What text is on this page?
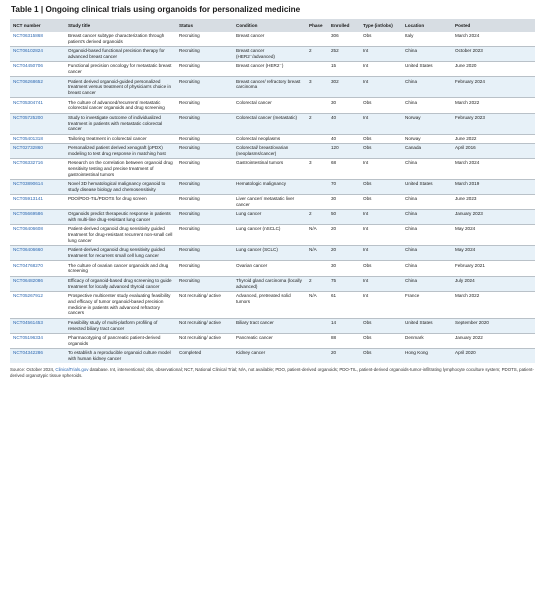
Table 1 | Ongoing clinical trials using organoids for personalized medicine
NCT number	Study title	Status	Condition	Phase	Enrolled	Type (int/obs)	Location	Posted
NCT06315868	Breast cancer subtype characterization through patient's derived organoids	Recruiting	Breast cancer		306	Obs	Italy	March 2024
NCT06102824	Organoid-based functional precision therapy for advanced breast cancer	Recruiting	Breast cancer (HER2⁻/advanced)	2	252	Int	China	October 2023
NCT04450706	Functional precision oncology for metastatic breast cancer	Recruiting	Breast cancer (HER2⁻)		15	Int	United States	June 2020
NCT06268652	Patient derived organoid-guided personalized treatment versus treatment of physician's choice in breast cancer	Recruiting	Breast cancer/ refractory breast carcinoma	3	302	Int	China	February 2024
NCT05304741	The culture of advanced/recurrent/ metastatic colorectal cancer organoids and drug screening	Recruiting	Colorectal cancer		30	Obs	China	March 2022
NCT05725200	Study to investigate outcome of individualized treatment in patients with metastatic colorectal cancer	Recruiting	Colorectal cancer (metastatic)	2	40	Int	Norway	February 2023
NCT05401318	Tailoring treatment in colorectal cancer	Recruiting	Colorectal neoplasms		40	Obs	Norway	June 2022
NCT02732860	Personalized patient derived xenograft (pPDX) modeling to test drug response in matching host	Recruiting	Colorectal/ breast/ovarian (neoplasms/cancer)		120	Obs	Canada	April 2016
NCT06332716	Research on the correlation between organoid drug sensitivity testing and precise treatment of gastrointestinal tumors	Recruiting	Gastrointestinal tumors	3	68	Int	China	March 2024
NCT03890614	Novel 3D hematological malignancy organoid to study disease biology and chemosensitivity	Recruiting	Hematologic malignancy		70	Obs	United States	March 2019
NCT05913141	PDO/PDO-TIL/PDOTS for drug screen	Recruiting	Liver cancer/ metastatic liver cancer		30	Obs	China	June 2023
NCT05669586	Organoids predict therapeutic response in patients with multi-line drug-resistant lung cancer	Recruiting	Lung cancer	2	50	Int	China	January 2023
NCT06406608	Patient-derived organoid drug sensitivity guided treatment for drug-resistant recurrent non-small cell lung cancer	Recruiting	Lung cancer (nSCLC)	N/A	20	Int	China	May 2024
NCT06406660	Patient-derived organoid drug sensitivity guided treatment for recurrent small cell lung cancer	Recruiting	Lung cancer (SCLC)	N/A	20	Int	China	May 2024
NCT04768270	The culture of ovarian cancer organoids and drug screening	Recruiting	Ovarian cancer		30	Obs	China	February 2021
NCT06482086	Efficacy of organoid-based drug screening to guide treatment for locally advanced thyroid cancer	Recruiting	Thyroid gland carcinoma (locally advanced)	2	75	Int	China	July 2024
NCT05267912	Prospective multicenter study evaluating feasibility and efficacy of tumor organoid-based precision medicine in patients with advanced refractory cancers	Not recruiting/ active	Advanced, pretreated solid tumors	N/A	61	Int	France	March 2022
NCT04561453	Feasibility study of multi-platform profiling of resected biliary tract cancer	Not recruiting/ active	Biliary tract cancer		14	Obs	United States	September 2020
NCT05196334	Pharmacotyping of pancreatic patient-derived organoids	Not recruiting/ active	Pancreatic cancer		88	Obs	Denmark	January 2022
NCT04342286	To establish a reproducible organoid culture model with human kidney cancer	Completed	Kidney cancer		20	Obs	Hong Kong	April 2020
Source: October 2024, ClinicalTrials.gov database. Int, interventional; obs, observational; NCT, National Clinical Trial; N/A, not available; PDO, patient-derived organoids; PDO-TIL, patient-derived organoids-tumor-infiltrating lymphocyte coculture system; PDOTS, patient-derived organotypic tissue spheroids.
